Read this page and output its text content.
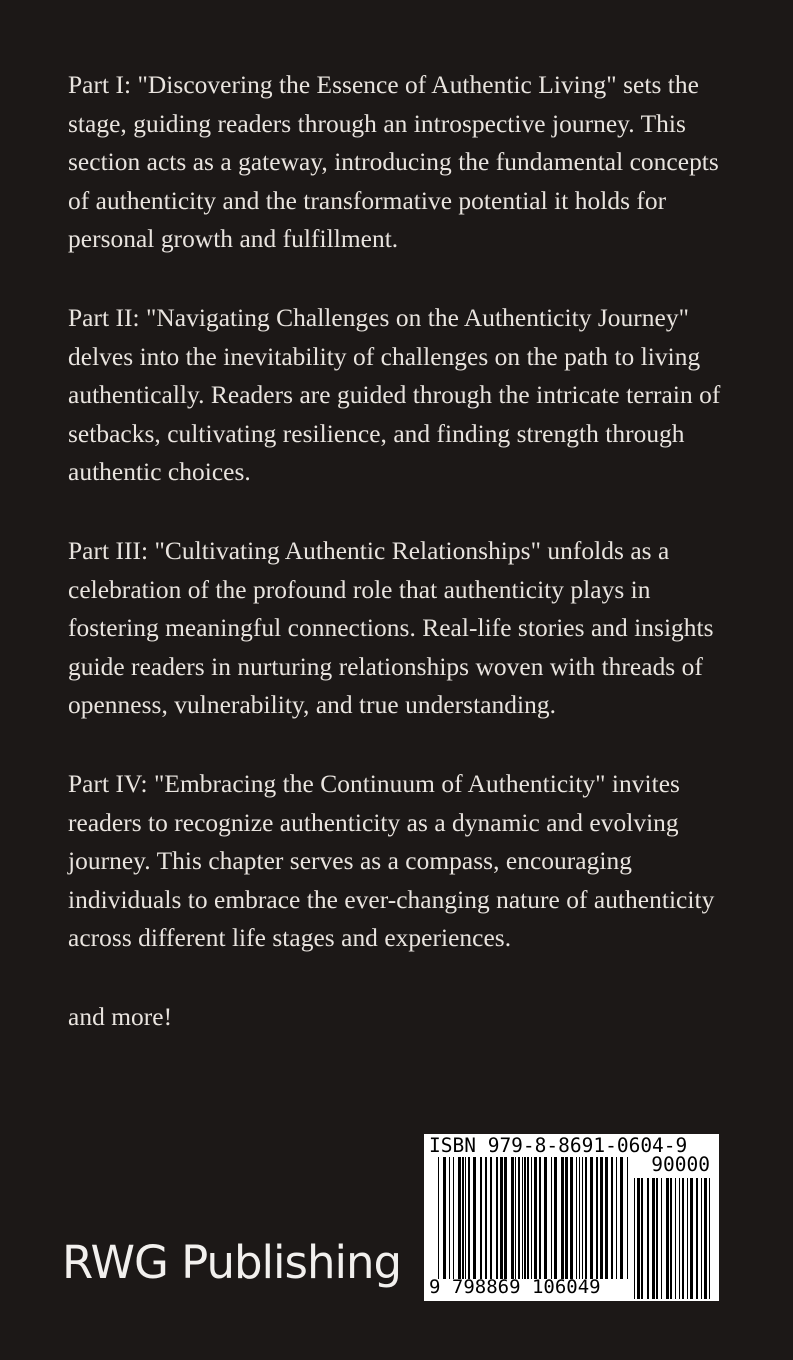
Part I: "Discovering the Essence of Authentic Living" sets the stage, guiding readers through an introspective journey. This section acts as a gateway, introducing the fundamental concepts of authenticity and the transformative potential it holds for personal growth and fulfillment.

Part II: "Navigating Challenges on the Authenticity Journey" delves into the inevitability of challenges on the path to living authentically. Readers are guided through the intricate terrain of setbacks, cultivating resilience, and finding strength through authentic choices.

Part III: "Cultivating Authentic Relationships" unfolds as a celebration of the profound role that authenticity plays in fostering meaningful connections. Real-life stories and insights guide readers in nurturing relationships woven with threads of openness, vulnerability, and true understanding.

Part IV: "Embracing the Continuum of Authenticity" invites readers to recognize authenticity as a dynamic and evolving journey. This chapter serves as a compass, encouraging individuals to embrace the ever-changing nature of authenticity across different life stages and experiences.

and more!

RWG Publishing
ISBN 979-8-8691-0604-9
90000
9 798869 106049
